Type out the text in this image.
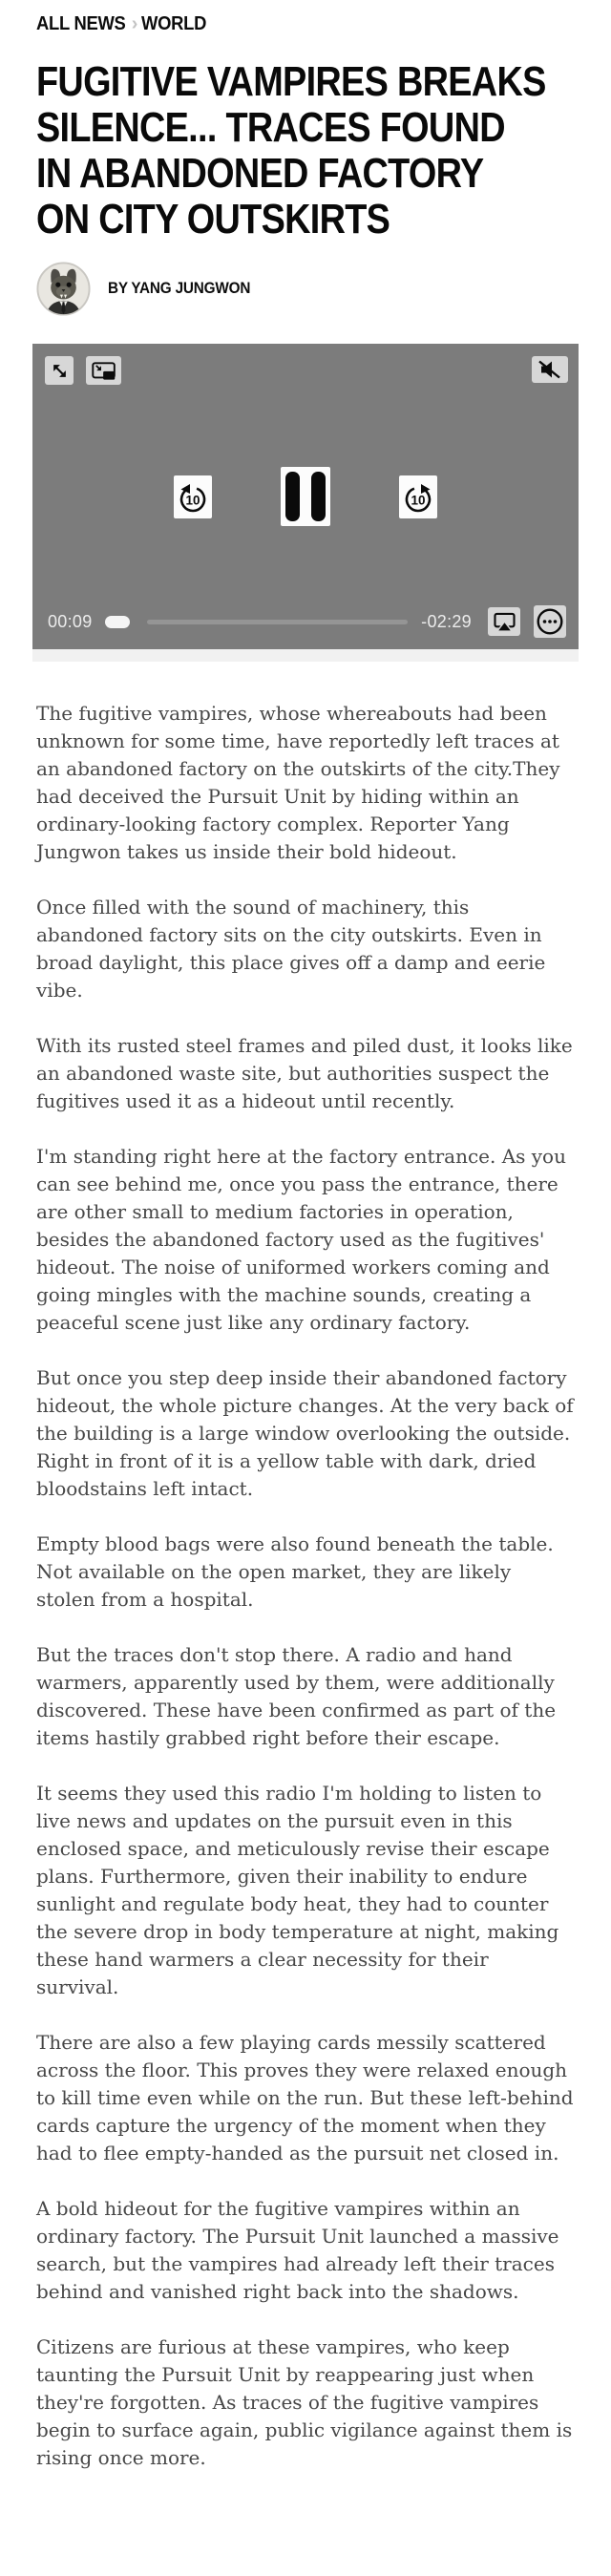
ALL NEWS › WORLD
FUGITIVE VAMPIRES BREAKS
SILENCE... TRACES FOUND
IN ABANDONED FACTORY
ON CITY OUTSKIRTS
BY YANG JUNGWON
10	10
00:09	-02:29

The fugitive vampires, whose whereabouts had been unknown for some time, have reportedly left traces at an abandoned factory on the outskirts of the city.They had deceived the Pursuit Unit by hiding within an ordinary-looking factory complex. Reporter Yang Jungwon takes us inside their bold hideout.

Once filled with the sound of machinery, this abandoned factory sits on the city outskirts. Even in broad daylight, this place gives off a damp and eerie vibe.

With its rusted steel frames and piled dust, it looks like an abandoned waste site, but authorities suspect the fugitives used it as a hideout until recently.

I'm standing right here at the factory entrance. As you can see behind me, once you pass the entrance, there are other small to medium factories in operation, besides the abandoned factory used as the fugitives' hideout. The noise of uniformed workers coming and going mingles with the machine sounds, creating a peaceful scene just like any ordinary factory.

But once you step deep inside their abandoned factory hideout, the whole picture changes. At the very back of the building is a large window overlooking the outside. Right in front of it is a yellow table with dark, dried bloodstains left intact.

Empty blood bags were also found beneath the table. Not available on the open market, they are likely stolen from a hospital.

But the traces don't stop there. A radio and hand warmers, apparently used by them, were additionally discovered. These have been confirmed as part of the items hastily grabbed right before their escape.

It seems they used this radio I'm holding to listen to live news and updates on the pursuit even in this enclosed space, and meticulously revise their escape plans. Furthermore, given their inability to endure sunlight and regulate body heat, they had to counter the severe drop in body temperature at night, making these hand warmers a clear necessity for their survival.

There are also a few playing cards messily scattered across the floor. This proves they were relaxed enough to kill time even while on the run. But these left-behind cards capture the urgency of the moment when they had to flee empty-handed as the pursuit net closed in.

A bold hideout for the fugitive vampires within an ordinary factory. The Pursuit Unit launched a massive search, but the vampires had already left their traces behind and vanished right back into the shadows.

Citizens are furious at these vampires, who keep taunting the Pursuit Unit by reappearing just when they're forgotten. As traces of the fugitive vampires begin to surface again, public vigilance against them is rising once more.
